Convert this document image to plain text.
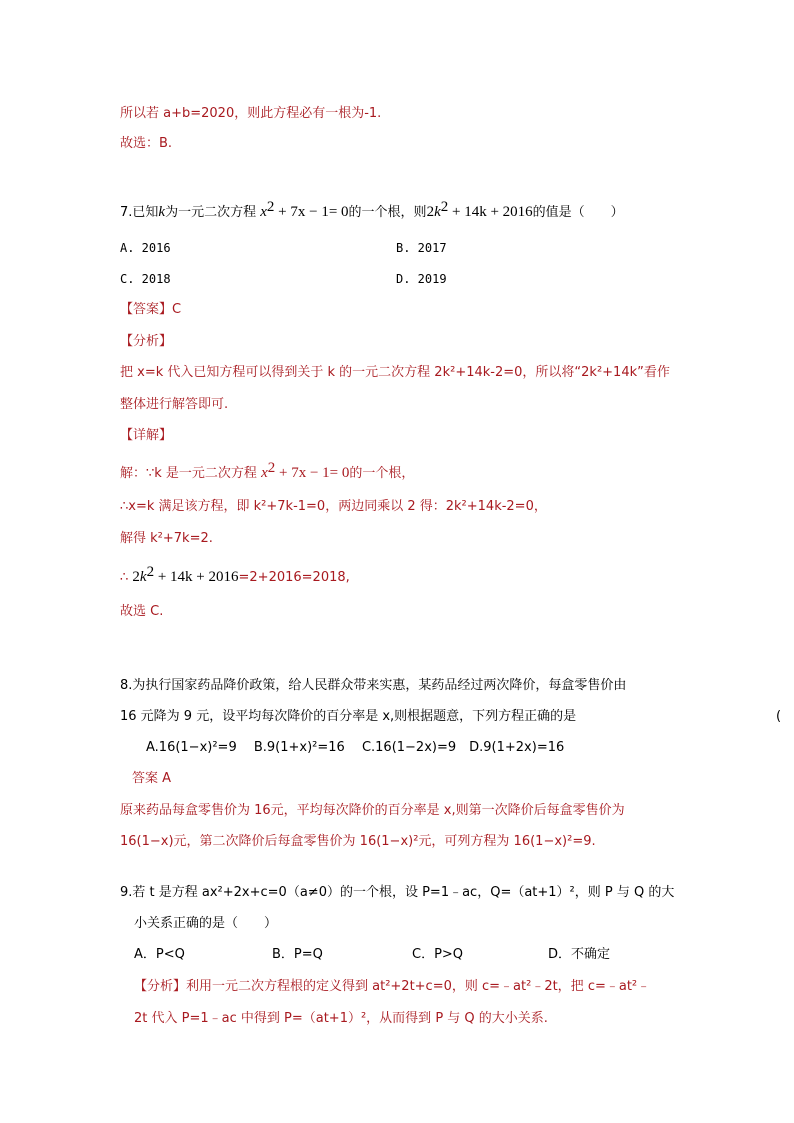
所以若 a+b=2020，则此方程必有一根为-1.
故选：B.
7.已知k为一元二次方程 $x^2 + 7x - 1= 0$的一个根，则$2k^2 + 14k + 2016$的值是（　　）
A. 2016	B. 2017
C. 2018	D. 2019
【答案】C
【分析】
把 x=k 代入已知方程可以得到关于 k 的一元二次方程 2k²+14k-2=0，所以将“2k²+14k”看作
整体进行解答即可.
【详解】
解：∵k 是一元二次方程 $x^2 + 7x - 1= 0$的一个根，
∴x=k 满足该方程，即 k²+7k-1=0，两边同乘以 2 得：2k²+14k-2=0，
解得 k²+7k=2.
∴ $2k^2 + 14k + 2016=2+2016=2018$,
故选 C.
8.为执行国家药品降价政策，给人民群众带来实惠，某药品经过两次降价，每盒零售价由
16 元降为 9 元，设平均每次降价的百分率是 x,则根据题意，下列方程正确的是	(
A.16(1−x)²=9　 B.9(1+x)²=16　 C.16(1−2x)=9　D.9(1+2x)=16
答案 A
原来药品每盒零售价为 16元，平均每次降价的百分率是 x,则第一次降价后每盒零售价为
16(1−x)元，第二次降价后每盒零售价为 16(1−x)²元，可列方程为 16(1−x)²=9.
9.若 t 是方程 ax²+2x+c=0（a≠0）的一个根，设 P=1﹣ac，Q=（at+1）²，则 P 与 Q 的大
小关系正确的是（　　）
A．P<Q	B．P=Q	C．P>Q	D．不确定
【分析】利用一元二次方程根的定义得到 at²+2t+c=0，则 c=﹣at²﹣2t，把 c=﹣at²﹣
2t 代入 P=1﹣ac 中得到 P=（at+1）²，从而得到 P 与 Q 的大小关系.
